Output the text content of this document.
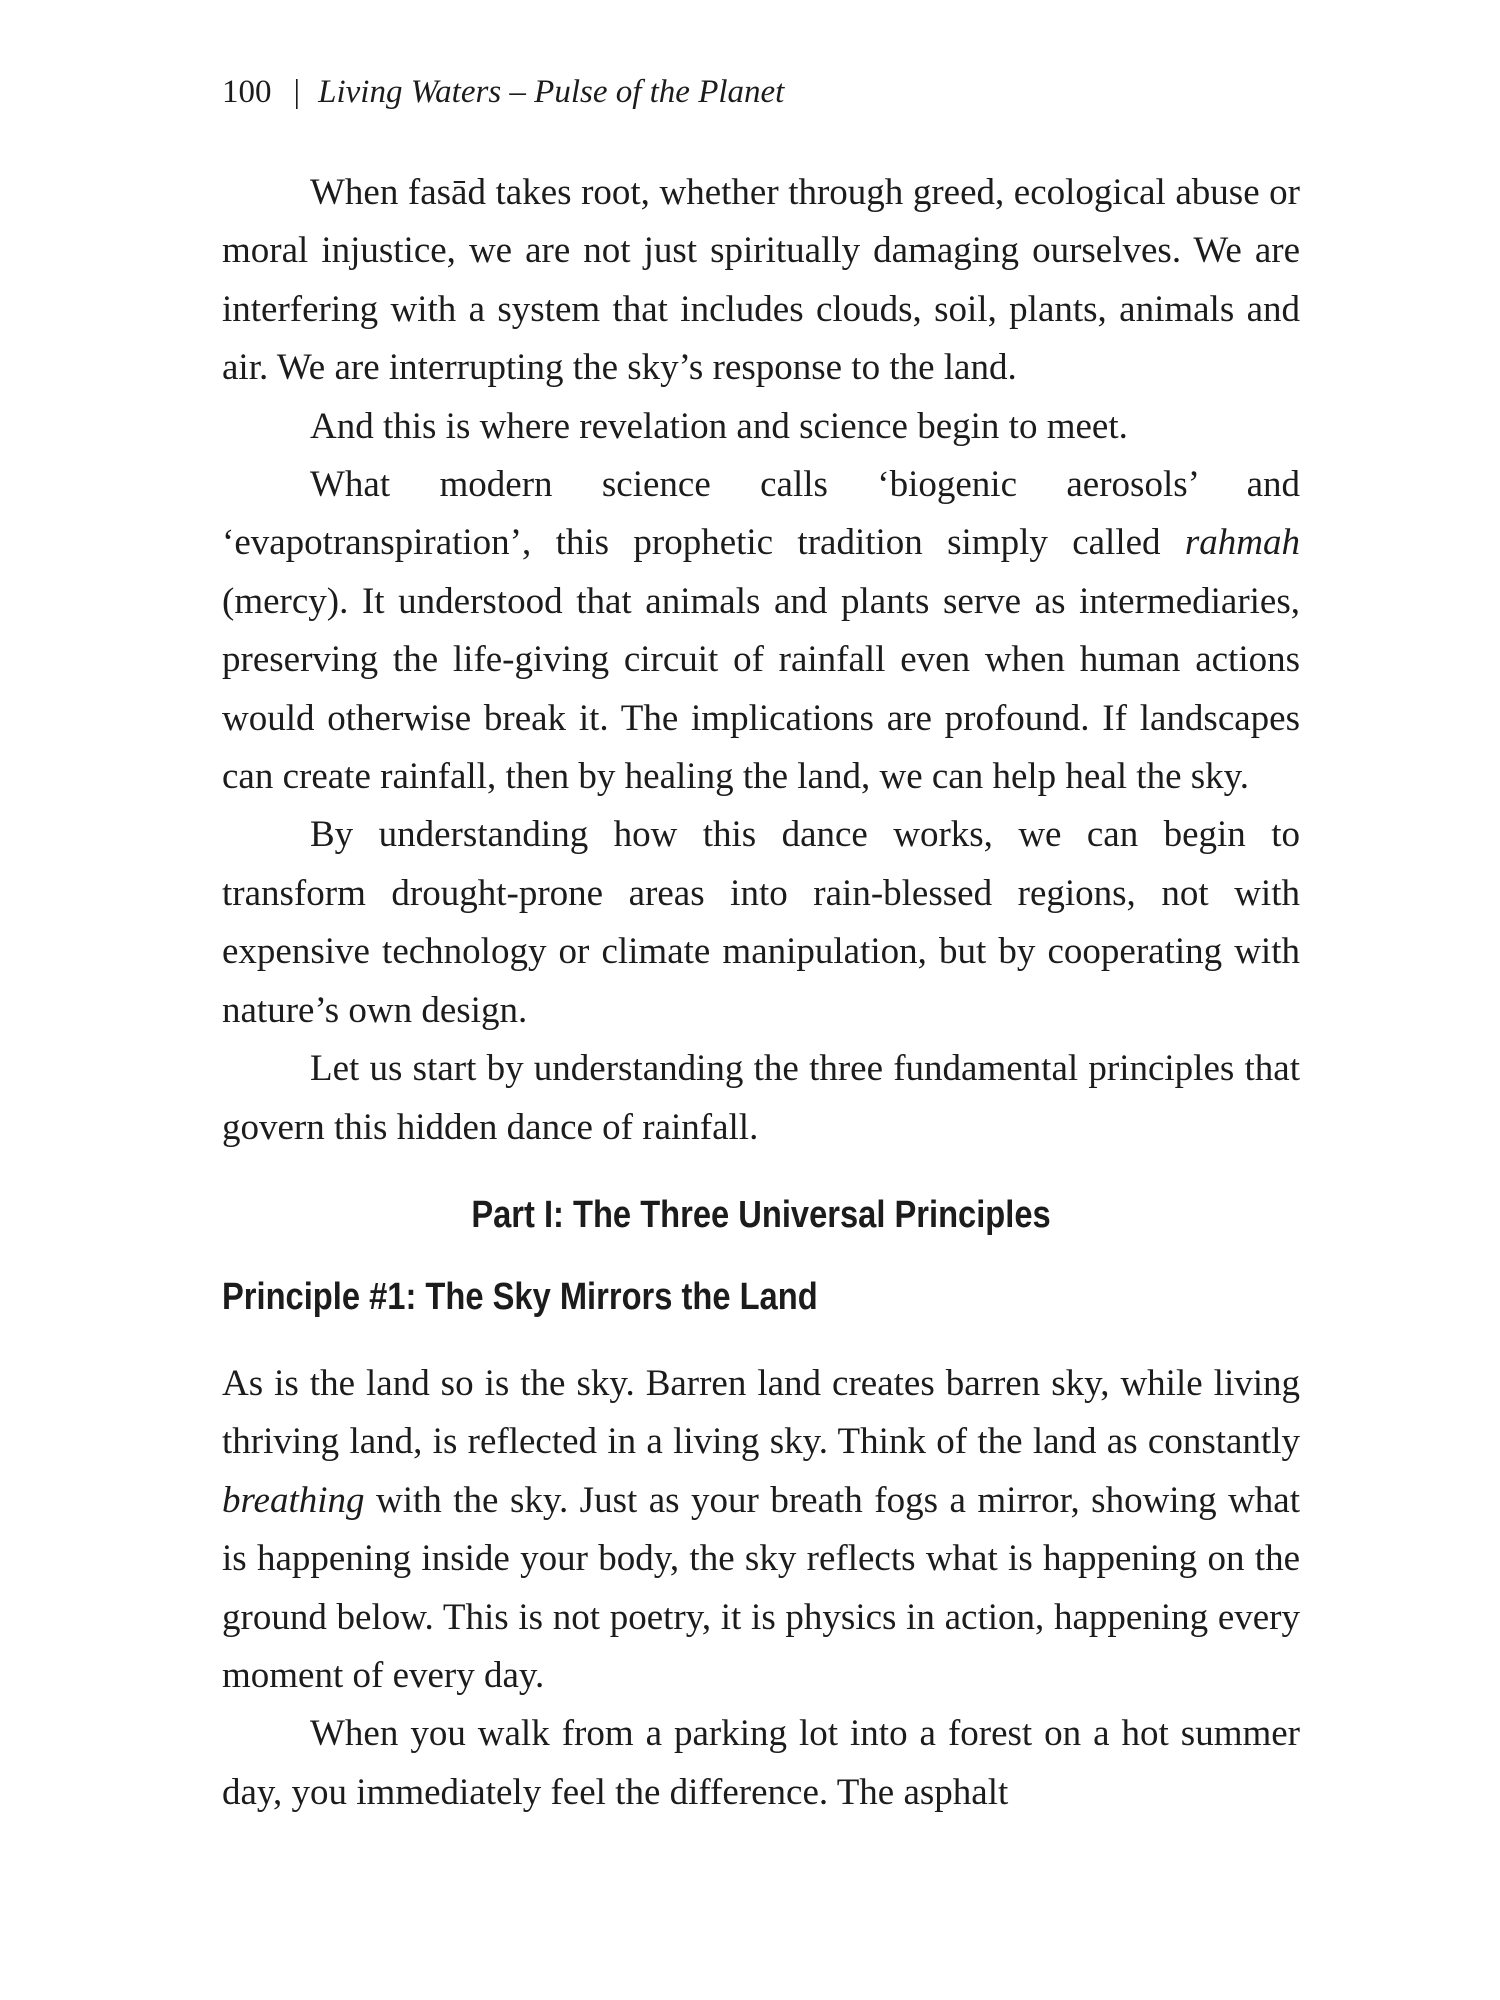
100 | Living Waters – Pulse of the Planet

When fasād takes root, whether through greed, ecological abuse or moral injustice, we are not just spiritually damaging ourselves. We are interfering with a system that includes clouds, soil, plants, animals and air. We are interrupting the sky’s response to the land.

And this is where revelation and science begin to meet.

What modern science calls ‘biogenic aerosols’ and ‘evapotranspiration’, this prophetic tradition simply called rahmah (mercy). It understood that animals and plants serve as intermediaries, preserving the life-giving circuit of rainfall even when human actions would otherwise break it. The implications are profound. If landscapes can create rainfall, then by healing the land, we can help heal the sky.

By understanding how this dance works, we can begin to transform drought-prone areas into rain-blessed regions, not with expensive technology or climate manipulation, but by cooperating with nature’s own design.

Let us start by understanding the three fundamental principles that govern this hidden dance of rainfall.

Part I: The Three Universal Principles
Principle #1: The Sky Mirrors the Land

As is the land so is the sky. Barren land creates barren sky, while living thriving land, is reflected in a living sky. Think of the land as constantly breathing with the sky. Just as your breath fogs a mirror, showing what is happening inside your body, the sky reflects what is happening on the ground below. This is not poetry, it is physics in action, happening every moment of every day.

When you walk from a parking lot into a forest on a hot summer day, you immediately feel the difference. The asphalt
